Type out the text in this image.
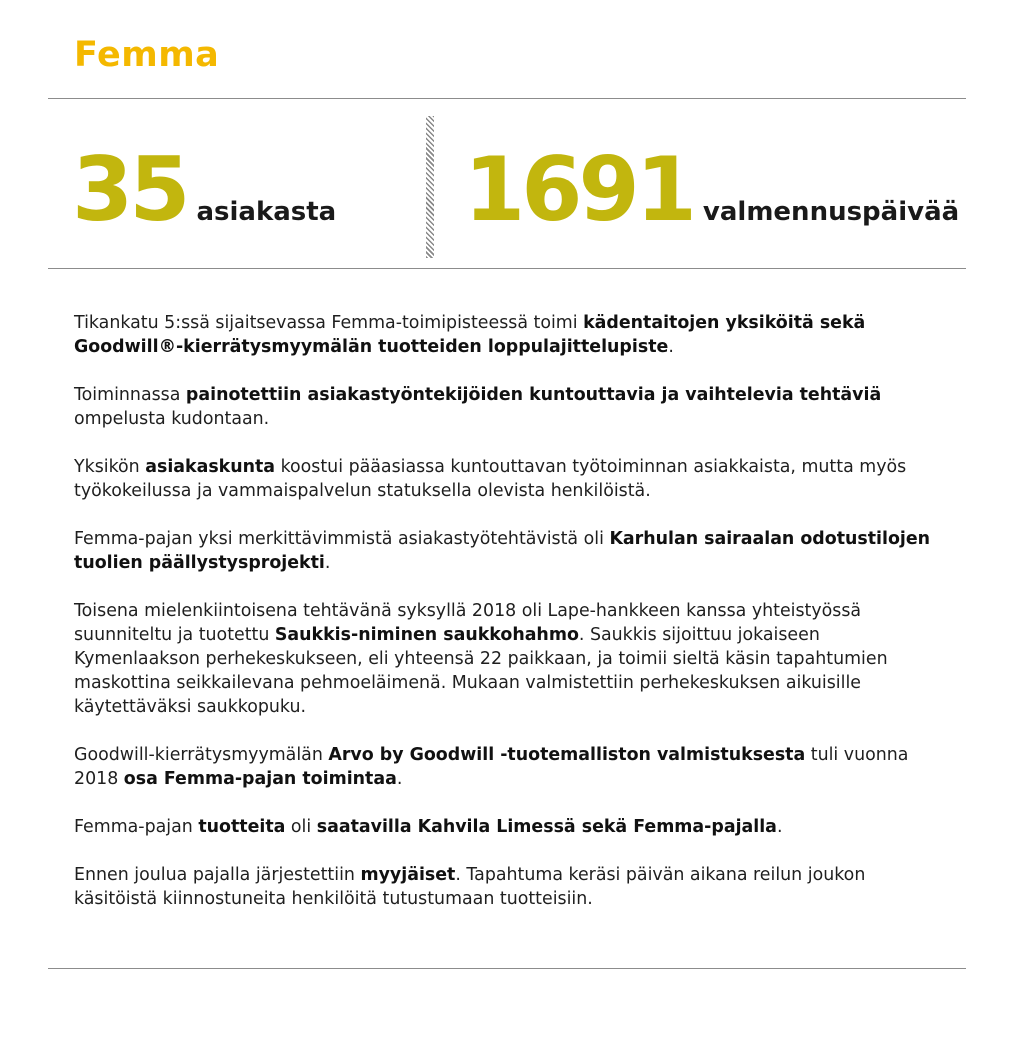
Femma
35 asiakasta 1691 valmennuspäivää

Tikankatu 5:ssä sijaitsevassa Femma-toimipisteessä toimi kädentaitojen yksiköitä sekä Goodwill®-kierrätysmyymälän tuotteiden loppulajittelupiste.

Toiminnassa painotettiin asiakastyöntekijöiden kuntouttavia ja vaihtelevia tehtäviä ompelusta kudontaan.

Yksikön asiakaskunta koostui pääasiassa kuntouttavan työtoiminnan asiakkaista, mutta myös työkokeilussa ja vammaispalvelun statuksella olevista henkilöistä.

Femma-pajan yksi merkittävimmistä asiakastyötehtävistä oli Karhulan sairaalan odotustilojen tuolien päällystysprojekti.

Toisena mielenkiintoisena tehtävänä syksyllä 2018 oli Lape-hankkeen kanssa yhteistyössä suunniteltu ja tuotettu Saukkis-niminen saukkohahmo. Saukkis sijoittuu jokaiseen Kymenlaakson perhekeskukseen, eli yhteensä 22 paikkaan, ja toimii sieltä käsin tapahtumien maskottina seikkailevana pehmoeläimenä. Mukaan valmistettiin perhekeskuksen aikuisille käytettäväksi saukkopuku.

Goodwill-kierrätysmyymälän Arvo by Goodwill -tuotemalliston valmistuksesta tuli vuonna 2018 osa Femma-pajan toimintaa.

Femma-pajan tuotteita oli saatavilla Kahvila Limessä sekä Femma-pajalla.

Ennen joulua pajalla järjestettiin myyjäiset. Tapahtuma keräsi päivän aikana reilun joukon käsitöistä kiinnostuneita henkilöitä tutustumaan tuotteisiin.
